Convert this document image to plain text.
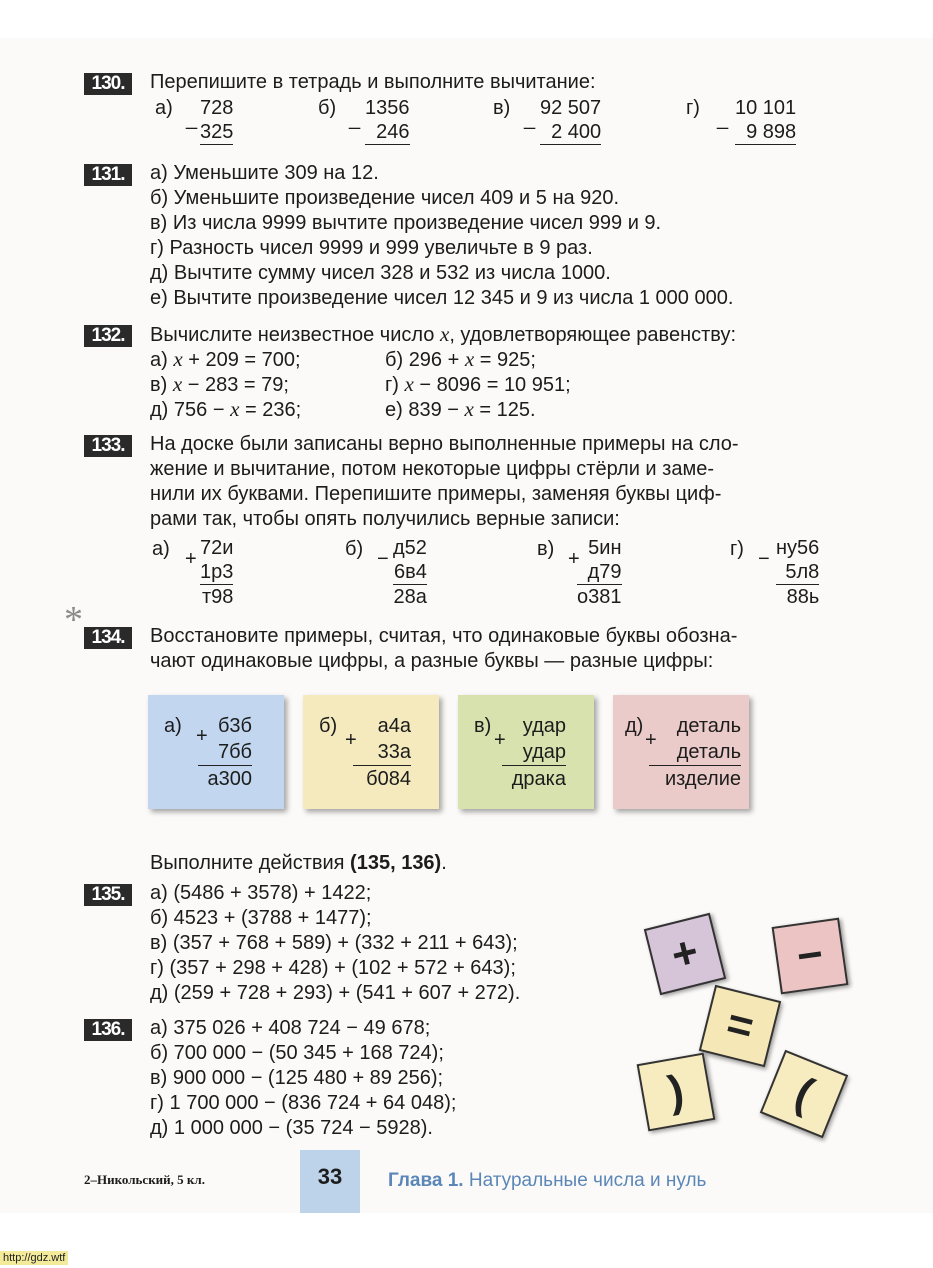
130.	Перепишите в тетрадь и выполните вычитание:
а) _ 728
325
б) _ 1356
246
в) _ 92 507
2 400
г) _ 10 101
9 898
131.	а) Уменьшите 309 на 12.
б) Уменьшите произведение чисел 409 и 5 на 920.
в) Из числа 9999 вычтите произведение чисел 999 и 9.
г) Разность чисел 9999 и 999 увеличьте в 9 раз.
д) Вычтите сумму чисел 328 и 532 из числа 1000.
е) Вычтите произведение чисел 12 345 и 9 из числа 1 000 000.
132.	Вычислите неизвестное число x, удовлетворяющее равенству:
а) x + 209 = 700;	б) 296 + x = 925;
в) x − 283 = 79;	г) x − 8096 = 10 951;
д) 756 − x = 236;	е) 839 − x = 125.
133.	На доске были записаны верно выполненные примеры на сло-
жение и вычитание, потом некоторые цифры стёрли и заме-
нили их буквами. Перепишите примеры, заменяя буквы циф-
рами так, чтобы опять получились верные записи:
а) + 72и
1р3
т98
б) − д52
6в4
28а
в) + 5ин
д79
о381
г) − ну56
5л8
88ь
* 134.	Восстановите примеры, считая, что одинаковые буквы обозна-
чают одинаковые цифры, а разные буквы — разные цифры:
а) + б3б
7бб
а300
б)
+
а4а
33а
б084
в)
+
удар
удар
драка
д)
+
деталь
деталь
изделие
Выполните действия (135, 136).
135.	а) (5486 + 3578) + 1422;
б) 4523 + (3788 + 1477);
в) (357 + 768 + 589) + (332 + 211 + 643);
г) (357 + 298 + 428) + (102 + 572 + 643);
д) (259 + 728 + 293) + (541 + 607 + 272).
136.	а) 375 026 + 408 724 − 49 678;
б) 700 000 − (50 345 + 168 724);
в) 900 000 − (125 480 + 89 256);
г) 1 700 000 − (836 724 + 64 048);
д) 1 000 000 − (35 724 − 5928).
+	−
=
)	(
2–Никольский, 5 кл.	33	Глава 1. Натуральные числа и нуль
http://gdz.wtf
